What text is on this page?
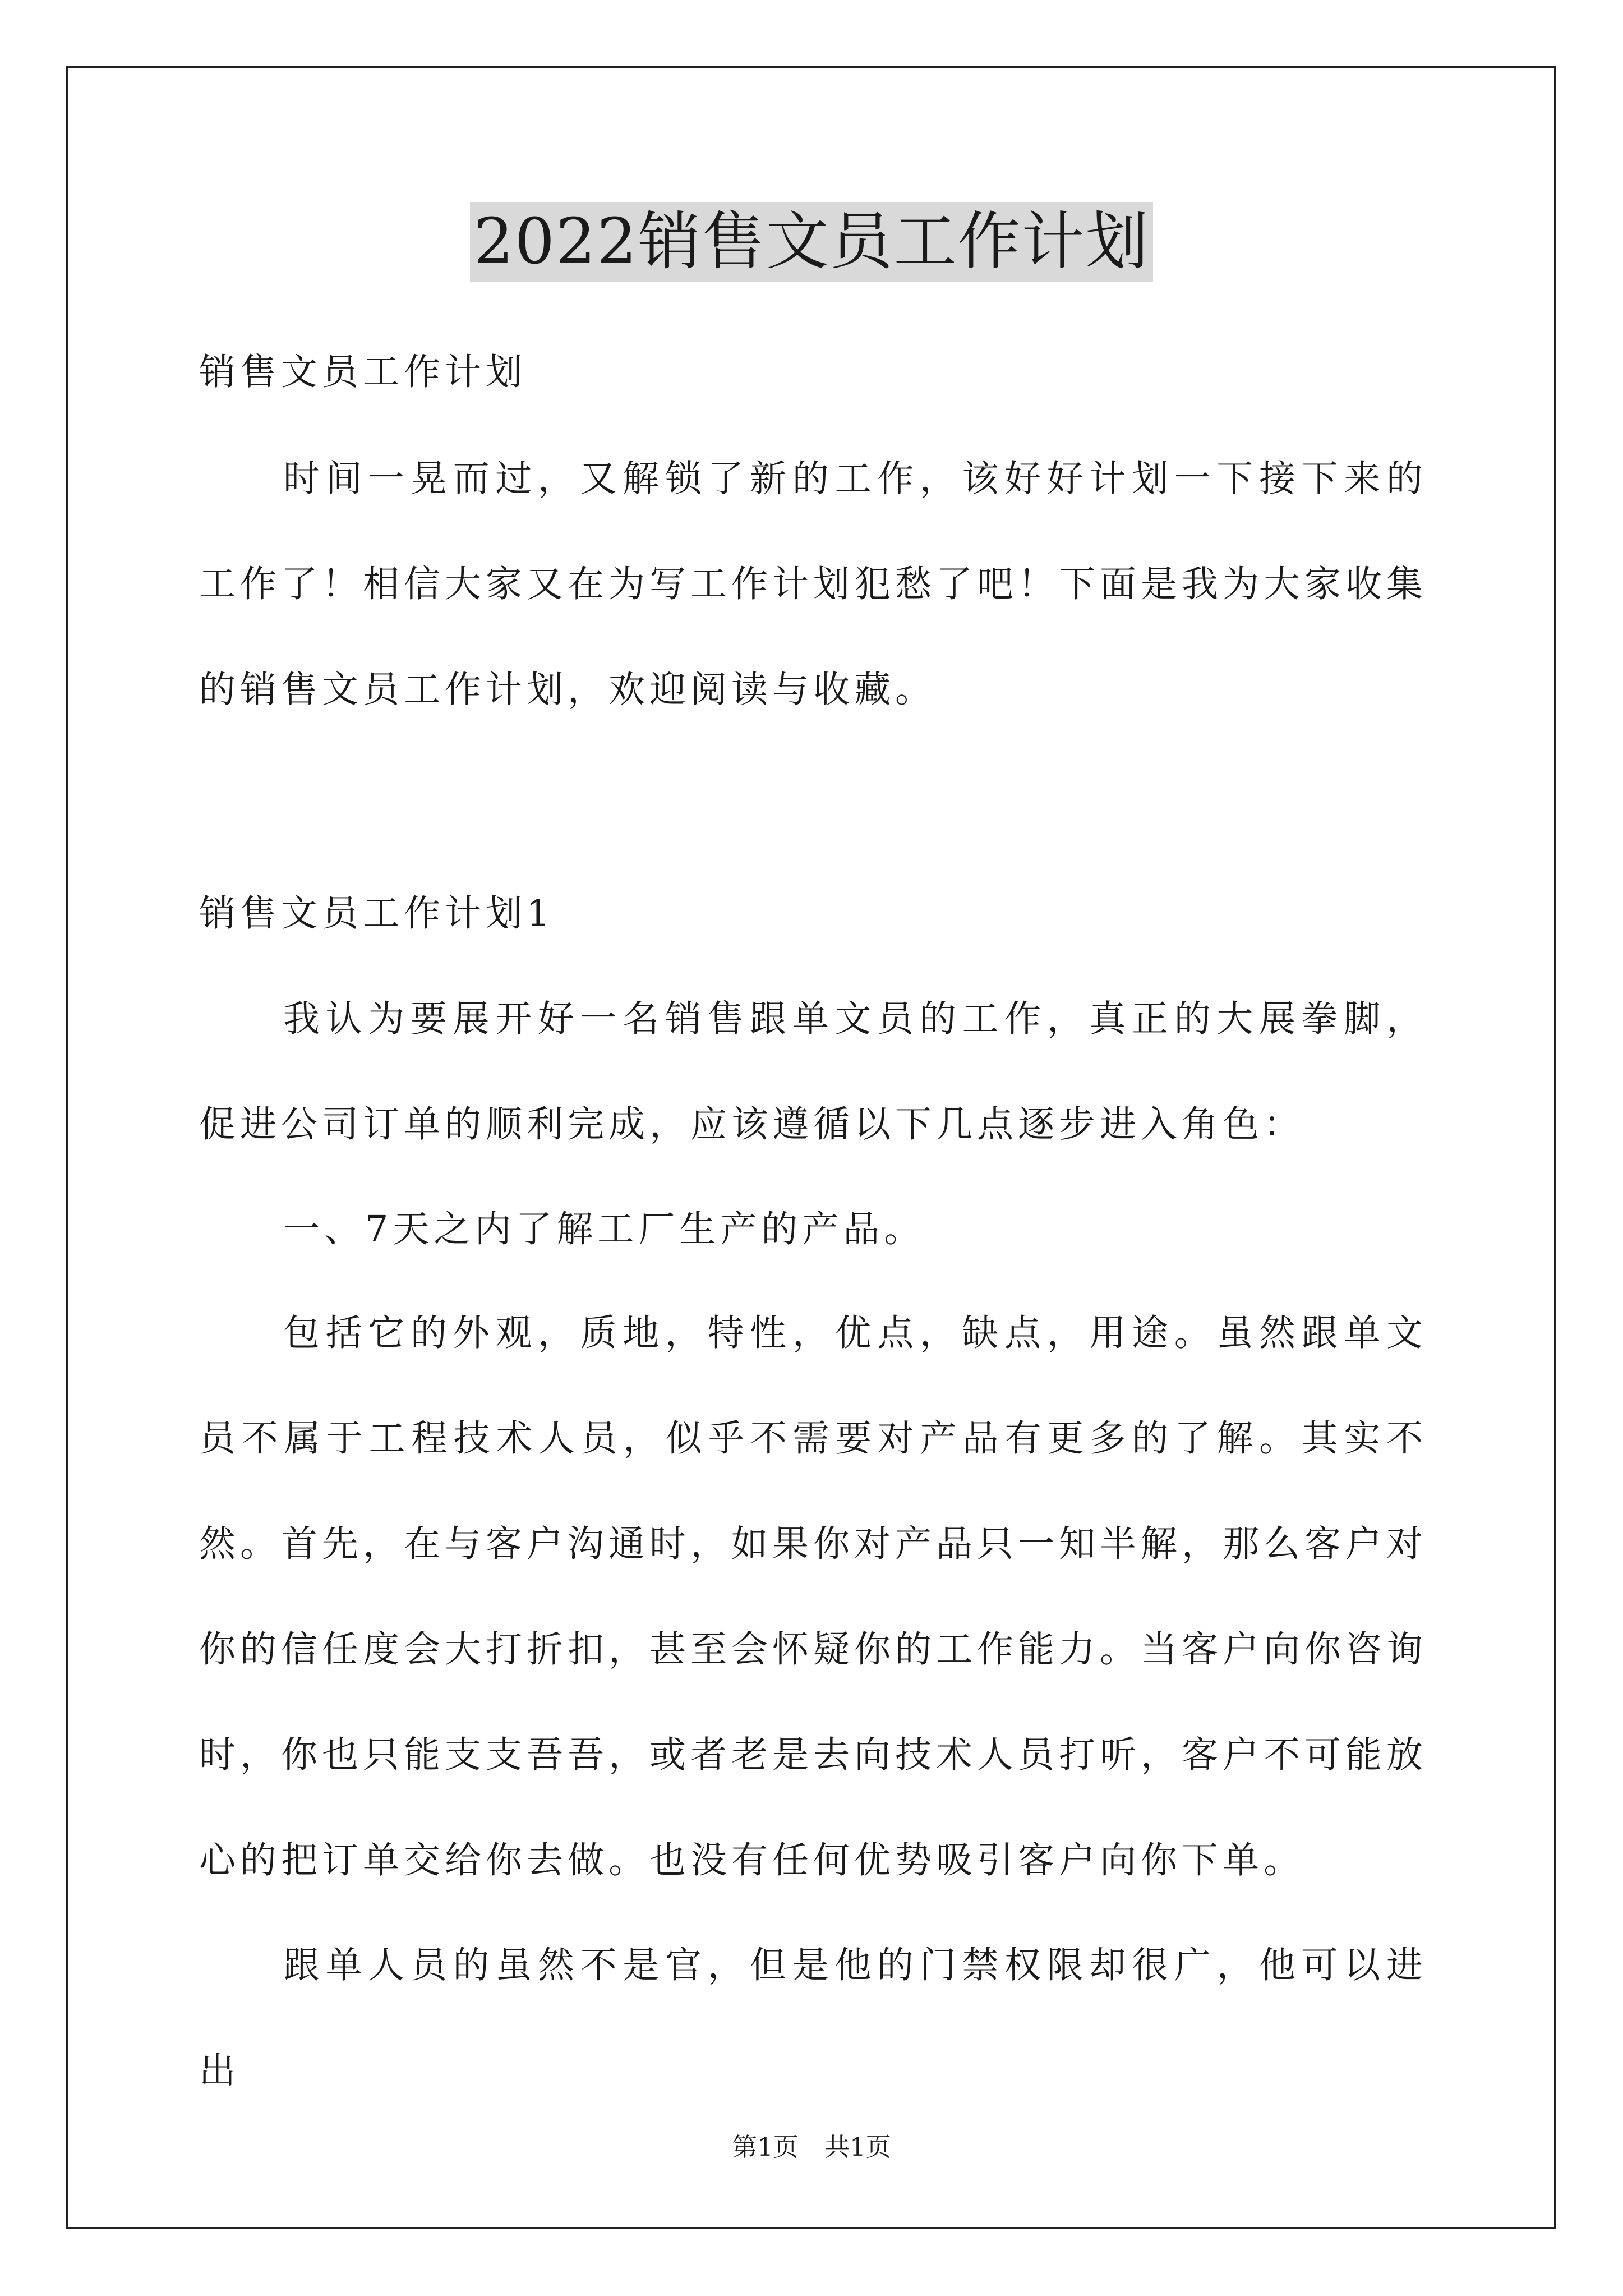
2022销售文员工作计划

销售文员工作计划

时间一晃而过，又解锁了新的工作，该好好计划一下接下来的工作了！相信大家又在为写工作计划犯愁了吧！下面是我为大家收集的销售文员工作计划，欢迎阅读与收藏。

销售文员工作计划1

我认为要展开好一名销售跟单文员的工作，真正的大展拳脚，促进公司订单的顺利完成，应该遵循以下几点逐步进入角色：

一、7天之内了解工厂生产的产品。

包括它的外观，质地，特性，优点，缺点，用途。虽然跟单文员不属于工程技术人员，似乎不需要对产品有更多的了解。其实不然。首先，在与客户沟通时，如果你对产品只一知半解，那么客户对你的信任度会大打折扣，甚至会怀疑你的工作能力。当客户向你咨询时，你也只能支支吾吾，或者老是去向技术人员打听，客户不可能放心的把订单交给你去做。也没有任何优势吸引客户向你下单。

跟单人员的虽然不是官，但是他的门禁权限却很广，他可以进出

第1页 共1页
